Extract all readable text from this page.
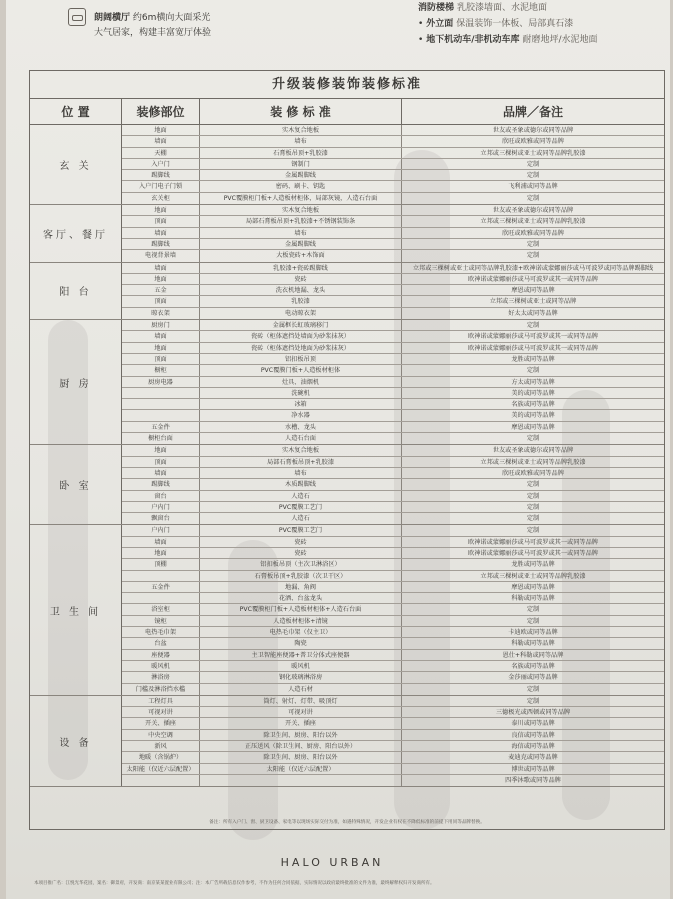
朗阔横厅 约6m横向大面采光
大气居家，构建丰富宽厅体验
消防楼梯 乳胶漆墙面、水泥地面
• 外立面 保温装饰一体板、局部真石漆
• 地下机动车/非机动车库 耐磨地坪/水泥地面
升级装修装饰装修标准
位 置	装修部位	装 修 标 准	品牌／备注
玄 关
地面	实木复合地板	世友或圣象或德尔或同等品牌
墙面	墙布	欣旺或欧雅或同等品牌
天棚	石膏板吊顶+乳胶漆	立邦或三棵树或亚士或同等品牌乳胶漆
入户门	钢制门	定制
踢脚线	金属踢脚线	定制
入户门电子门锁	密码、刷卡、钥匙	飞利浦或同等品牌
玄关柜	PVC覆膜柜门板+人造板材柜体，局部灰镜，人造石台面	定制
客厅、餐厅
地面	实木复合地板	世友或圣象或德尔或同等品牌
顶面	局部石膏板吊顶+乳胶漆+不锈钢装饰条	立邦或三棵树或亚士或同等品牌乳胶漆
墙面	墙布	欣旺或欧雅或同等品牌
踢脚线	金属踢脚线	定制
电视背景墙	大板瓷砖+木饰面	定制
阳 台
墙面	乳胶漆+瓷砖踢脚线	立邦或三棵树或亚士或同等品牌乳胶漆+欧神诺或蒙娜丽莎或马可波罗或同等品牌踢脚线
地面	瓷砖	欧神诺或蒙娜丽莎或马可波罗或其一或同等品牌
五金	洗衣机地漏、龙头	摩恩或同等品牌
顶面	乳胶漆	立邦或三棵树或亚士或同等品牌
晾衣架	电动晾衣架	好太太或同等品牌
厨 房
厨房门	金属框长虹玻璃移门	定制
墙面	瓷砖（柜体遮挡处墙面为砂浆抹灰）	欧神诺或蒙娜丽莎或马可波罗或其一或同等品牌
地面	瓷砖（柜体遮挡处地面为砂浆抹灰）	欧神诺或蒙娜丽莎或马可波罗或其一或同等品牌
顶面	铝扣板吊顶	龙胜或同等品牌
橱柜	PVC覆膜门板+人造板材柜体	定制
厨房电器	灶具、油烟机	方太或同等品牌
洗碗机	美的或同等品牌
冰箱	名族或同等品牌
净水器	美的或同等品牌
五金件	水槽、龙头	摩恩或同等品牌
橱柜台面	人造石台面	定制
卧 室
地面	实木复合地板	世友或圣象或德尔或同等品牌
顶面	局部石膏板吊顶+乳胶漆	立邦或三棵树或亚士或同等品牌乳胶漆
墙面	墙布	欣旺或欧雅或同等品牌
踢脚线	木质踢脚线	定制
窗台	人造石	定制
户内门	PVC覆膜工艺门	定制
飘窗台	人造石	定制
卫 生 间
户内门	PVC覆膜工艺门	定制
墙面	瓷砖	欧神诺或蒙娜丽莎或马可波罗或其一或同等品牌
地面	瓷砖	欧神诺或蒙娜丽莎或马可波罗或其一或同等品牌
顶棚	铝扣板吊顶（主次卫淋浴区）	龙胜或同等品牌
石膏板吊顶+乳胶漆（次卫干区）	立邦或三棵树或亚士或同等品牌乳胶漆
五金件	地漏、角阀	摩恩或同等品牌
花洒、台盆龙头	科勒或同等品牌
浴室柜	PVC覆膜柜门板+人造板材柜体+人造石台面	定制
镜柜	人造板材柜体+清镜	定制
电热毛巾架	电热毛巾架（仅主卫）	卡迪欧或同等品牌
台盆	陶瓷	科勒或同等品牌
座便器	主卫智能座便器+普卫分体式座便器	恩仕+科勒或同等品牌
暖风机	暖风机	名族或同等品牌
淋浴房	钢化玻璃淋浴房	金莎丽或同等品牌
门槛及淋浴挡水槛	人造石材	定制
设 备
工程灯具	筒灯、射灯、灯带、吸顶灯	定制
可视对讲	可视对讲	三德极光或西顿或同等品牌
开关、插座	开关、插座	泰川或同等品牌
中央空调	除卫生间、厨房、阳台以外	良信或同等品牌
新风	正压送风（除卫生间、厨房、阳台以外）	海信或同等品牌
地暖（含锅炉）	除卫生间、厨房、阳台以外	麦迪克或同等品牌
太阳能（仅近六层配置）	太阳能（仅近六层配置）	博世或同等品牌
四季沐歌或同等品牌
备注：所有入户门、窗、厨卫设备、家电等以现场实际交付为准，如遇特殊情况，开发企业有权在不降低标准的前提下用同等品牌替换。
HALO URBAN
本项目推广名：江悦光华花园，案名：御景府，开发商：南京某某置业有限公司；注：本广告所载信息仅作参考，不作为任何合同依据，实际情况以政府最终批准的文件为准，最终解释权归开发商所有。
